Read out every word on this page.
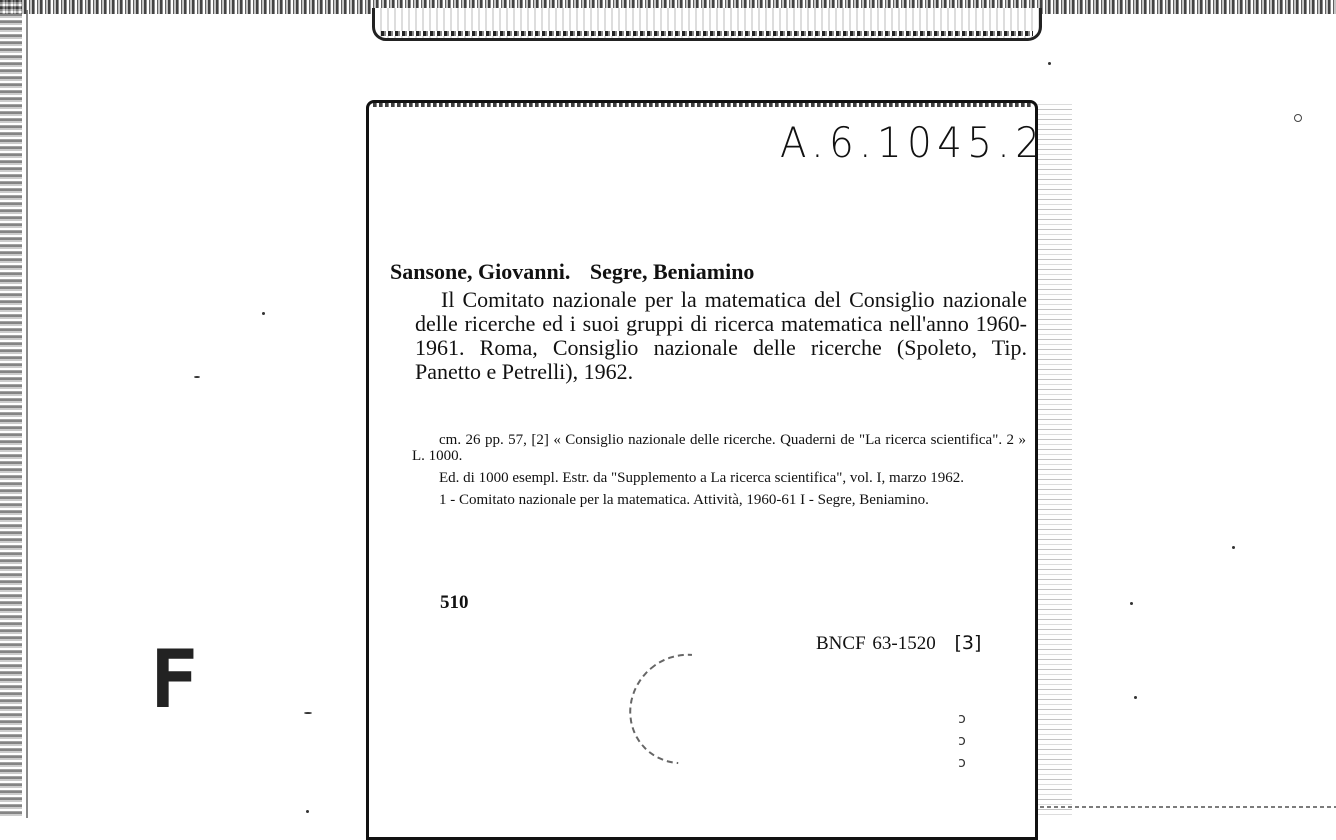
F
A.6.1045.2
Sansone, Giovanni. Segre, Beniamino

Il Comitato nazionale per la matematica del Consiglio nazionale delle ricerche ed i suoi gruppi di ricerca matematica nell'anno 1960-1961. Roma, Consiglio nazionale delle ricerche (Spoleto, Tip. Panetto e Petrelli), 1962.

cm. 26 pp. 57, [2] « Consiglio nazionale delle ricerche. Quaderni de "La ricerca scientifica". 2 » L. 1000.

Ed. di 1000 esempl. Estr. da "Supplemento a La ricerca scientifica", vol. I, marzo 1962.

1 - Comitato nazionale per la matematica. Attività, 1960-61 I - Segre, Beniamino.

510
BNCF 63-1520 [3]
ↄ
ɔ
ɔ
